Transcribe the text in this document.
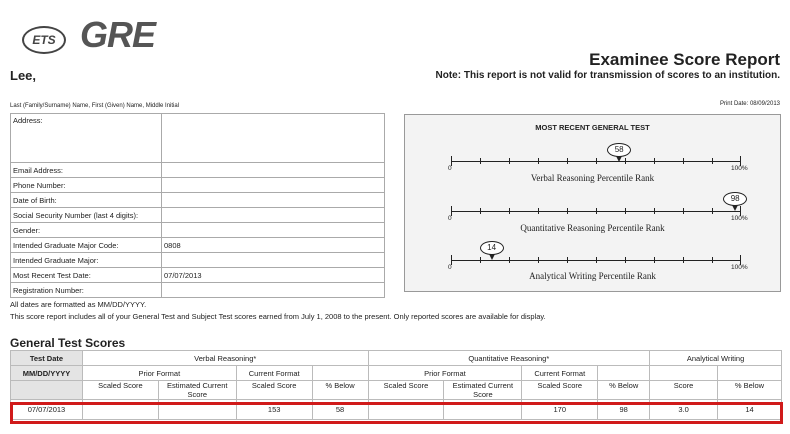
ETS GRE
Examinee Score Report
Note: This report is not valid for transmission of scores to an institution.
Lee,
Last (Family/Surname) Name, First (Given) Name, Middle Initial	Print Date: 08/09/2013
Address:	
Email Address:	
Phone Number:	
Date of Birth:	
Social Security Number (last 4 digits):	
Gender:	
Intended Graduate Major Code:	0808
Intended Graduate Major:	
Most Recent Test Date:	07/07/2013
Registration Number:	
All dates are formatted as MM/DD/YYYY.
This score report includes all of your General Test and Subject Test scores earned from July 1, 2008 to the present. Only reported scores are available for display.
MOST RECENT GENERAL TEST
0	100%
58
Verbal Reasoning Percentile Rank
0	100%
98
Quantitative Reasoning Percentile Rank
0	100%
14
Analytical Writing Percentile Rank
General Test Scores
Test Date	Verbal Reasoning*				Quantitative Reasoning*				Analytical Writing	
MM/DD/YYYY	Prior Format		Current Format		Prior Format		Current Format			
	Scaled Score	Estimated Current Score	Scaled Score	% Below	Scaled Score	Estimated Current Score	Scaled Score	% Below	Score	% Below
07/07/2013			153	58			170	98	3.0	14
